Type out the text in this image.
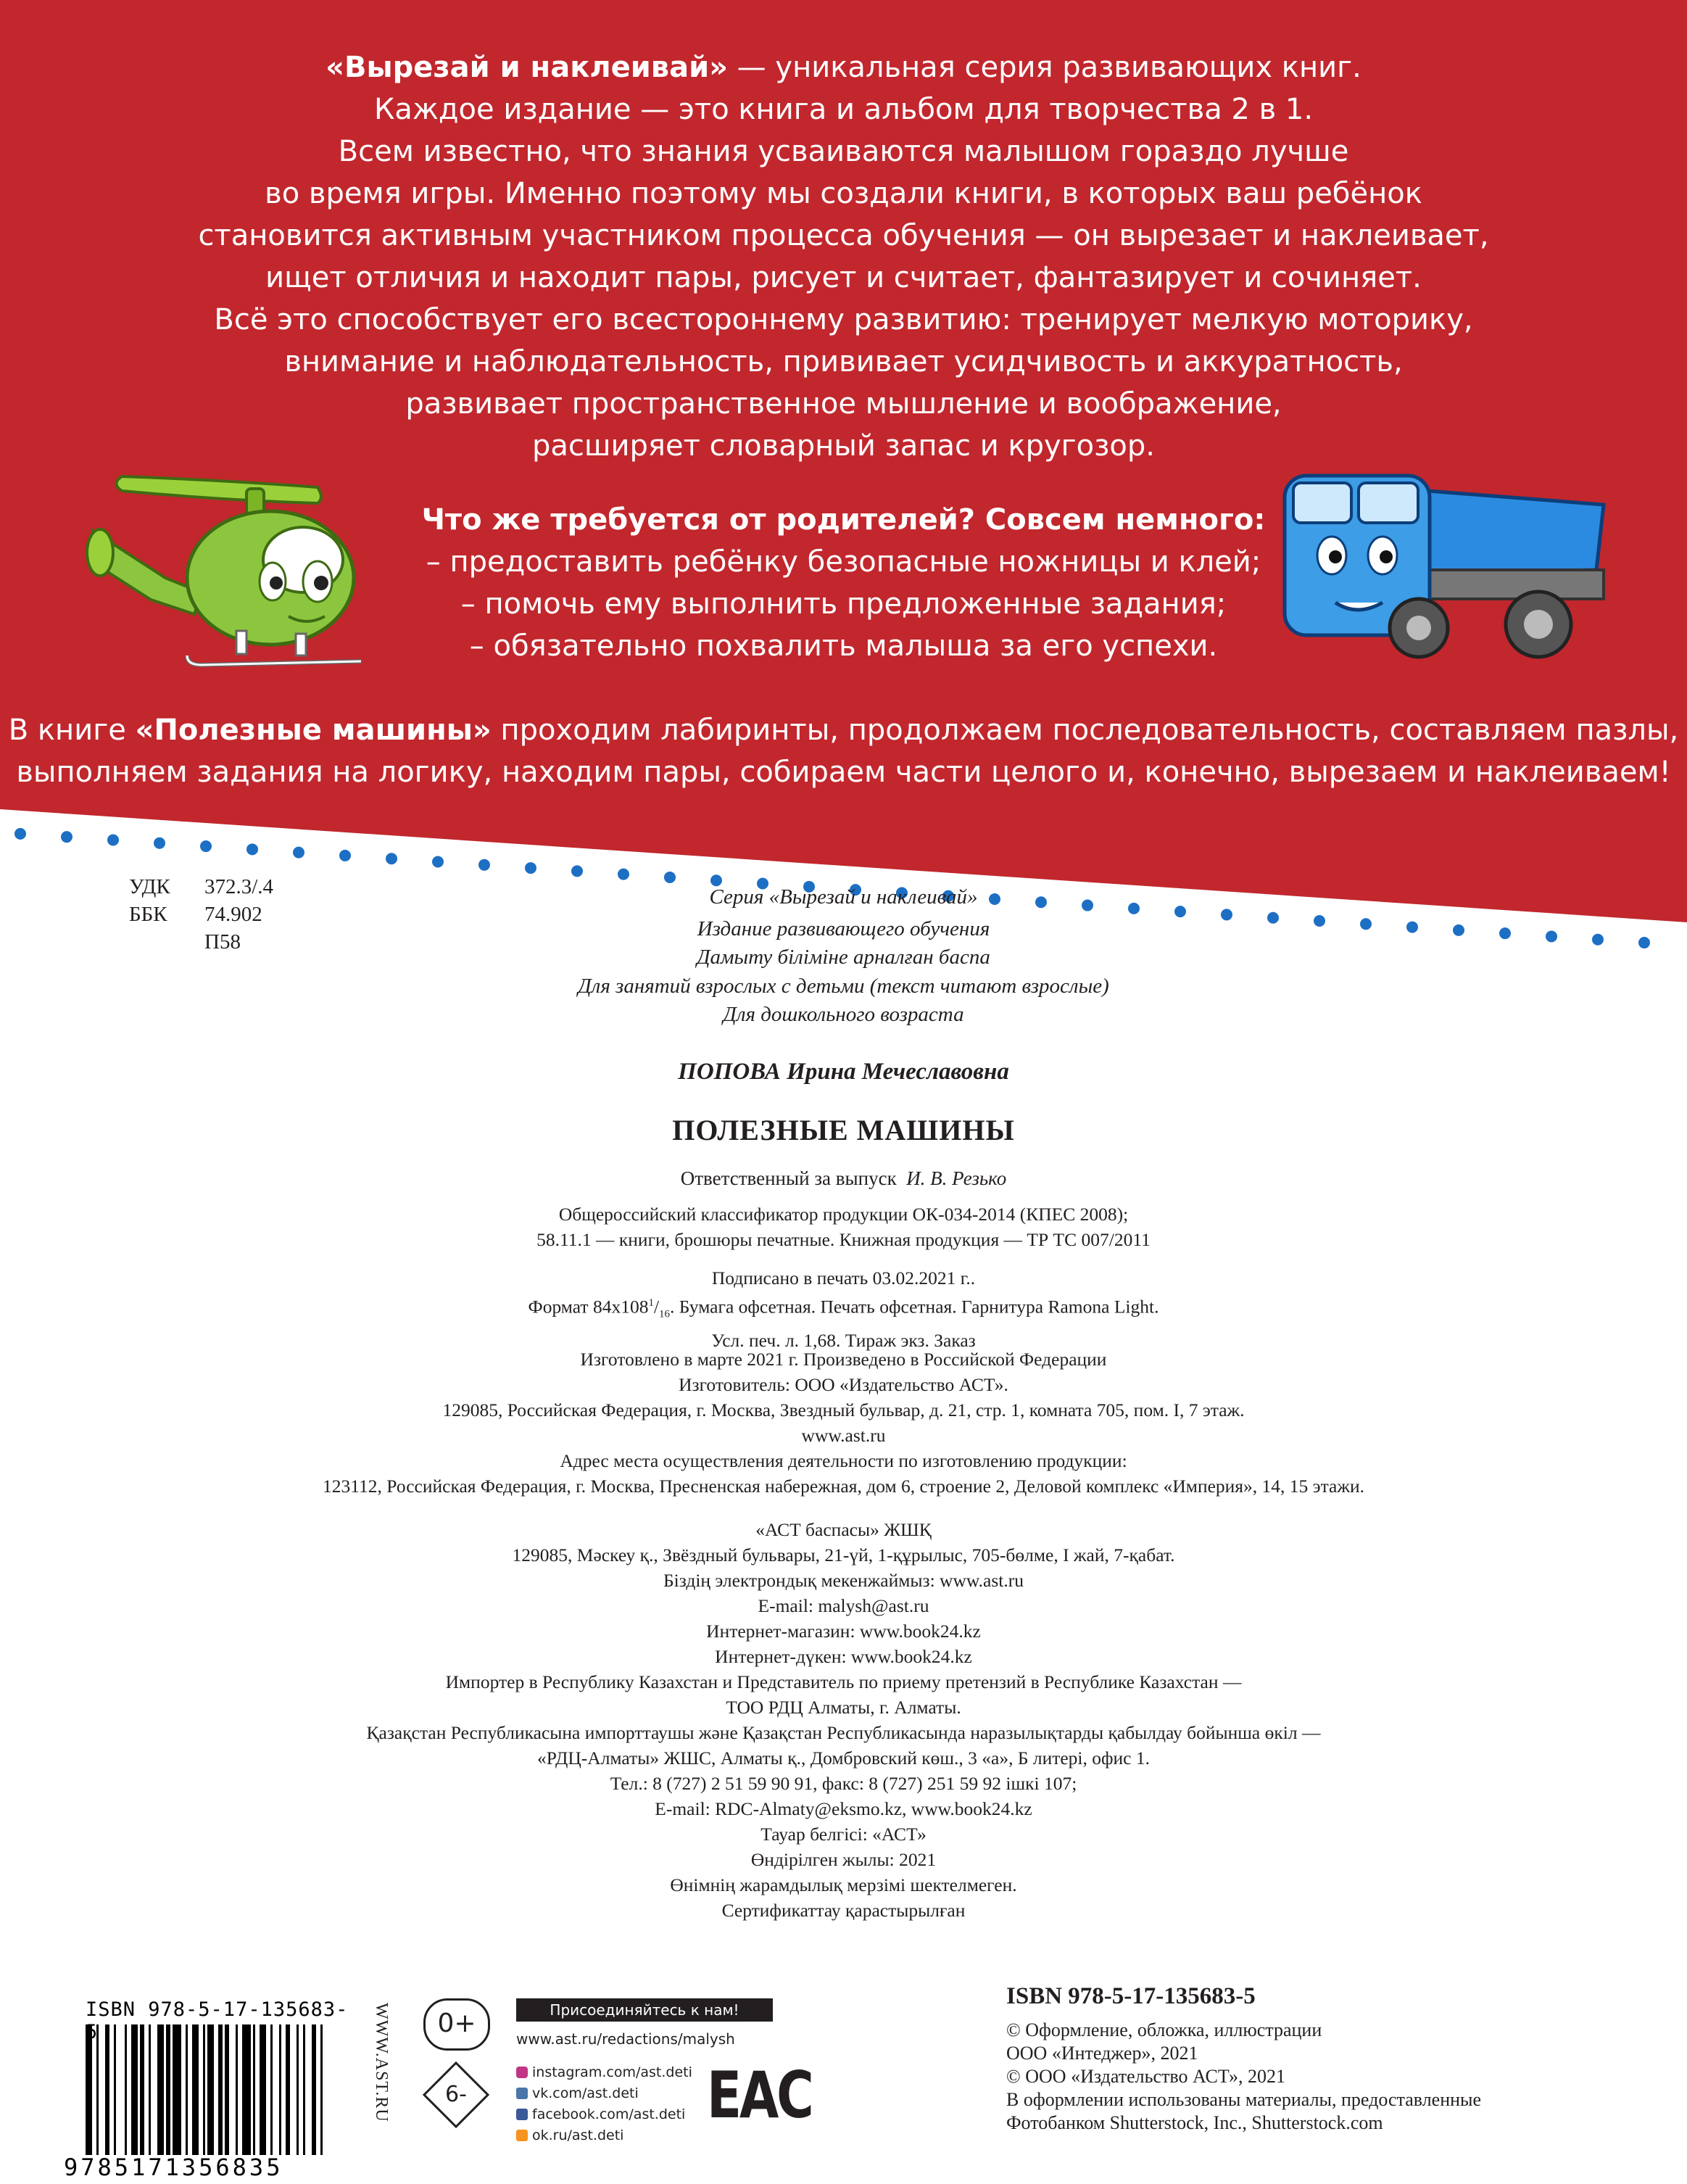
«Вырезай и наклеивай» — уникальная серия развивающих книг.
Каждое издание — это книга и альбом для творчества 2 в 1.
Всем известно, что знания усваиваются малышом гораздо лучше
во время игры. Именно поэтому мы создали книги, в которых ваш ребёнок
становится активным участником процесса обучения — он вырезает и наклеивает,
ищет отличия и находит пары, рисует и считает, фантазирует и сочиняет.
Всё это способствует его всестороннему развитию: тренирует мелкую моторику,
внимание и наблюдательность, прививает усидчивость и аккуратность,
развивает пространственное мышление и воображение,
расширяет словарный запас и кругозор.
Что же требуется от родителей? Совсем немного:
– предоставить ребёнку безопасные ножницы и клей;
– помочь ему выполнить предложенные задания;
– обязательно похвалить малыша за его успехи.
В книге «Полезные машины» проходим лабиринты, продолжаем последовательность, составляем пазлы,
выполняем задания на логику, находим пары, собираем части целого и, конечно, вырезаем и наклеиваем!
УДК 372.3/.4
ББК 74.902
П58
Серия «Вырезай и наклеивай»
Издание развивающего обучения
Дамыту біліміне арналған баспа
Для занятий взрослых с детьми (текст читают взрослые)
Для дошкольного возраста
ПОПОВА Ирина Мечеславовна
ПОЛЕЗНЫЕ МАШИНЫ
Ответственный за выпуск И. В. Резько
Общероссийский классификатор продукции ОК-034-2014 (КПЕС 2008);
58.11.1 — книги, брошюры печатные. Книжная продукция — ТР ТС 007/2011
Подписано в печать 03.02.2021 г..
Формат $84x108^1/_{16}$. Бумага офсетная. Печать офсетная. Гарнитура Ramona Light.
Усл. печ. л. 1,68. Тираж экз. Заказ
Изготовлено в марте 2021 г. Произведено в Российской Федерации
Изготовитель: ООО «Издательство АСТ».
129085, Российская Федерация, г. Москва, Звездный бульвар, д. 21, стр. 1, комната 705, пом. I, 7 этаж.
www.ast.ru
Адрес места осуществления деятельности по изготовлению продукции:
123112, Российская Федерация, г. Москва, Пресненская набережная, дом 6, строение 2, Деловой комплекс «Империя», 14, 15 этажи.
«АСТ баспасы» ЖШҚ
129085, Мәскеу қ., Звёздный бульвары, 21-үй, 1-құрылыс, 705-бөлме, I жай, 7-қабат.
Біздің электрондық мекенжаймыз: www.ast.ru
E-mail: malysh@ast.ru
Интернет-магазин: www.book24.kz
Интернет-дүкен: www.book24.kz
Импортер в Республику Казахстан и Представитель по приему претензий в Республике Казахстан —
ТОО РДЦ Алматы, г. Алматы.
Қазақстан Республикасына импорттаушы және Қазақстан Республикасында наразылықтарды қабылдау бойынша өкіл —
«РДЦ-Алматы» ЖШС, Алматы қ., Домбровский көш., 3 «а», Б литері, офис 1.
Тел.: 8 (727) 2 51 59 90 91, факс: 8 (727) 251 59 92 ішкі 107;
E-mail: RDC-Almaty@eksmo.kz, www.book24.kz
Тауар белгісі: «АСТ»
Өндірілген жылы: 2021
Өнімнің жарамдылық мерзімі шектелмеген.
Сертификаттау қарастырылған
ISBN 978-5-17-135683-
9785171356835
WWW.AST.RU	0+
6-
Присоединяйтесь к нам!
www.ast.ru/redactions/malysh
instagram.com/ast.deti
vk.com/ast.deti
facebook.com/ast.deti
ok.ru/ast.deti
EAC
ISBN 978-5-17-135683-5
© Оформление, обложка, иллюстрации
ООО «Интеджер», 2021
© ООО «Издательство АСТ», 2021
В оформлении использованы материалы, предоставленные
Фотобанком Shutterstock, Inc., Shutterstock.com
